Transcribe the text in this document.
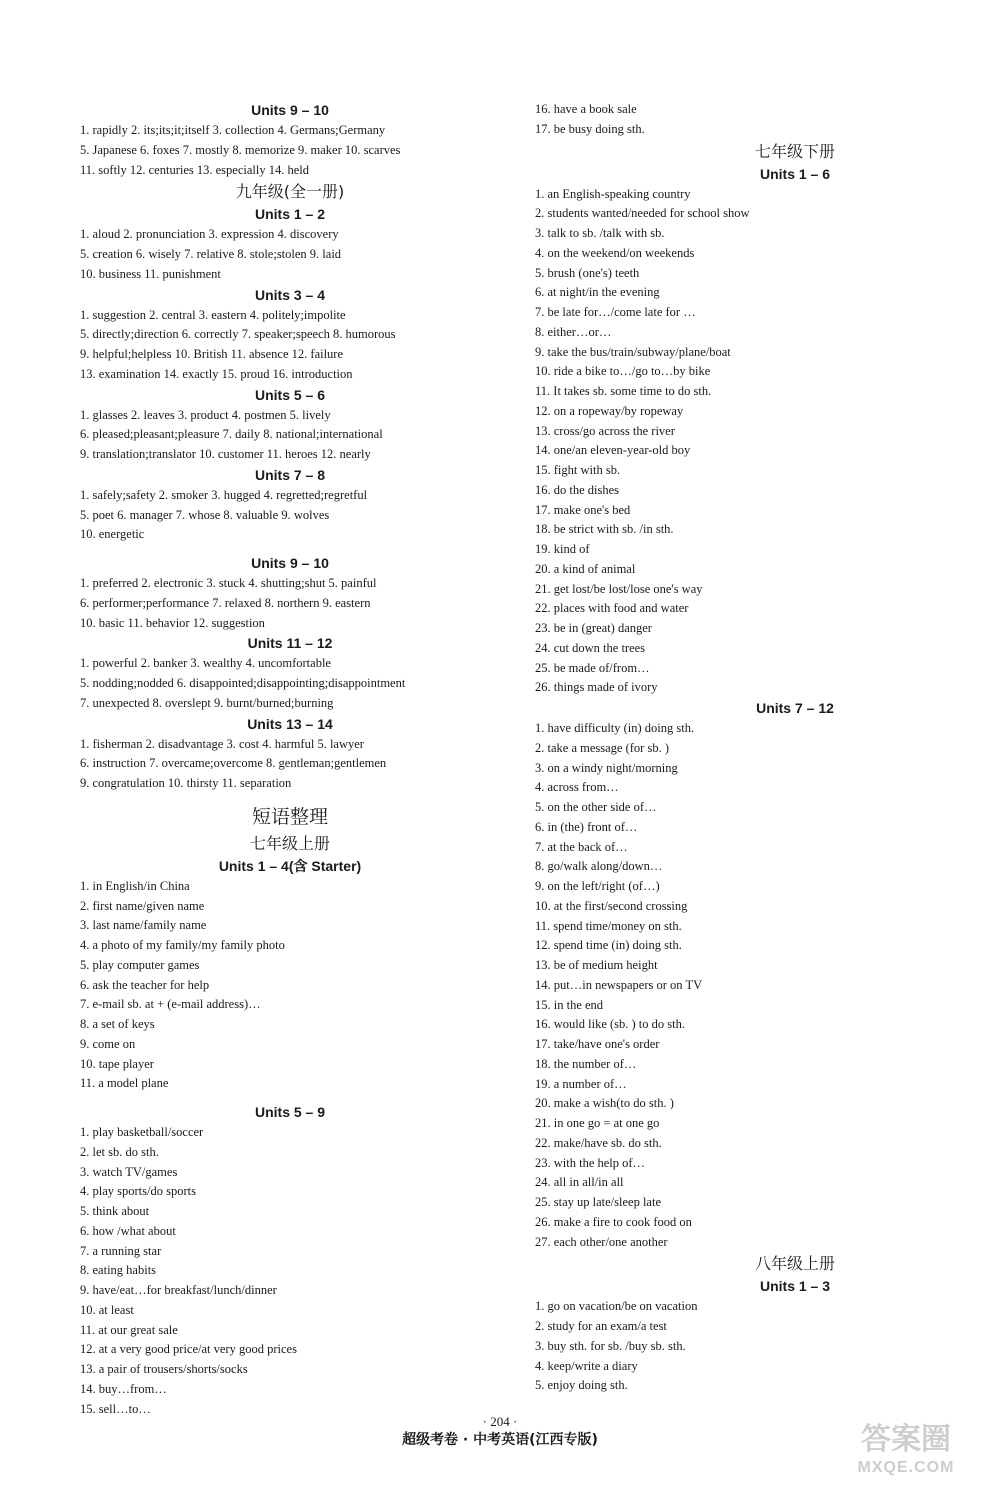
Units 9 – 10
1. rapidly 2. its;its;it;itself 3. collection 4. Germans;Germany
5. Japanese 6. foxes 7. mostly 8. memorize 9. maker 10. scarves
11. softly 12. centuries 13. especially 14. held
九年级(全一册)
Units 1 – 2
1. aloud 2. pronunciation 3. expression 4. discovery
5. creation 6. wisely 7. relative 8. stole;stolen 9. laid
10. business 11. punishment
Units 3 – 4
1. suggestion 2. central 3. eastern 4. politely;impolite
5. directly;direction 6. correctly 7. speaker;speech 8. humorous
9. helpful;helpless 10. British 11. absence 12. failure
13. examination 14. exactly 15. proud 16. introduction
Units 5 – 6
1. glasses 2. leaves 3. product 4. postmen 5. lively
6. pleased;pleasant;pleasure 7. daily 8. national;international
9. translation;translator 10. customer 11. heroes 12. nearly
Units 7 – 8
1. safely;safety 2. smoker 3. hugged 4. regretted;regretful
5. poet 6. manager 7. whose 8. valuable 9. wolves
10. energetic
Units 9 – 10
1. preferred 2. electronic 3. stuck 4. shutting;shut 5. painful
6. performer;performance 7. relaxed 8. northern 9. eastern
10. basic 11. behavior 12. suggestion
Units 11 – 12
1. powerful 2. banker 3. wealthy 4. uncomfortable
5. nodding;nodded 6. disappointed;disappointing;disappointment
7. unexpected 8. overslept 9. burnt/burned;burning
Units 13 – 14
1. fisherman 2. disadvantage 3. cost 4. harmful 5. lawyer
6. instruction 7. overcame;overcome 8. gentleman;gentlemen
9. congratulation 10. thirsty 11. separation
短语整理
七年级上册
Units 1 – 4(含 Starter)
1. in English/in China
2. first name/given name
3. last name/family name
4. a photo of my family/my family photo
5. play computer games
6. ask the teacher for help
7. e-mail sb. at + (e-mail address)…
8. a set of keys
9. come on
10. tape player
11. a model plane
Units 5 – 9
1. play basketball/soccer
2. let sb. do sth.
3. watch TV/games
4. play sports/do sports
5. think about
6. how /what about
7. a running star
8. eating habits
9. have/eat…for breakfast/lunch/dinner
10. at least
11. at our great sale
12. at a very good price/at very good prices
13. a pair of trousers/shorts/socks
14. buy…from…
15. sell…to…
16. have a book sale
17. be busy doing sth.
七年级下册
Units 1 – 6
1. an English-speaking country
2. students wanted/needed for school show
3. talk to sb. /talk with sb.
4. on the weekend/on weekends
5. brush (one's) teeth
6. at night/in the evening
7. be late for…/come late for …
8. either…or…
9. take the bus/train/subway/plane/boat
10. ride a bike to…/go to…by bike
11. It takes sb. some time to do sth.
12. on a ropeway/by ropeway
13. cross/go across the river
14. one/an eleven-year-old boy
15. fight with sb.
16. do the dishes
17. make one's bed
18. be strict with sb. /in sth.
19. kind of
20. a kind of animal
21. get lost/be lost/lose one's way
22. places with food and water
23. be in (great) danger
24. cut down the trees
25. be made of/from…
26. things made of ivory
Units 7 – 12
1. have difficulty (in) doing sth.
2. take a message (for sb. )
3. on a windy night/morning
4. across from…
5. on the other side of…
6. in (the) front of…
7. at the back of…
8. go/walk along/down…
9. on the left/right (of…)
10. at the first/second crossing
11. spend time/money on sth.
12. spend time (in) doing sth.
13. be of medium height
14. put…in newspapers or on TV
15. in the end
16. would like (sb. ) to do sth.
17. take/have one's order
18. the number of…
19. a number of…
20. make a wish(to do sth. )
21. in one go = at one go
22. make/have sb. do sth.
23. with the help of…
24. all in all/in all
25. stay up late/sleep late
26. make a fire to cook food on
27. each other/one another
八年级上册
Units 1 – 3
1. go on vacation/be on vacation
2. study for an exam/a test
3. buy sth. for sb. /buy sb. sth.
4. keep/write a diary
5. enjoy doing sth.
· 204 ·
超级考卷 · 中考英语(江西专版)	答案圈
MXQE.COM
